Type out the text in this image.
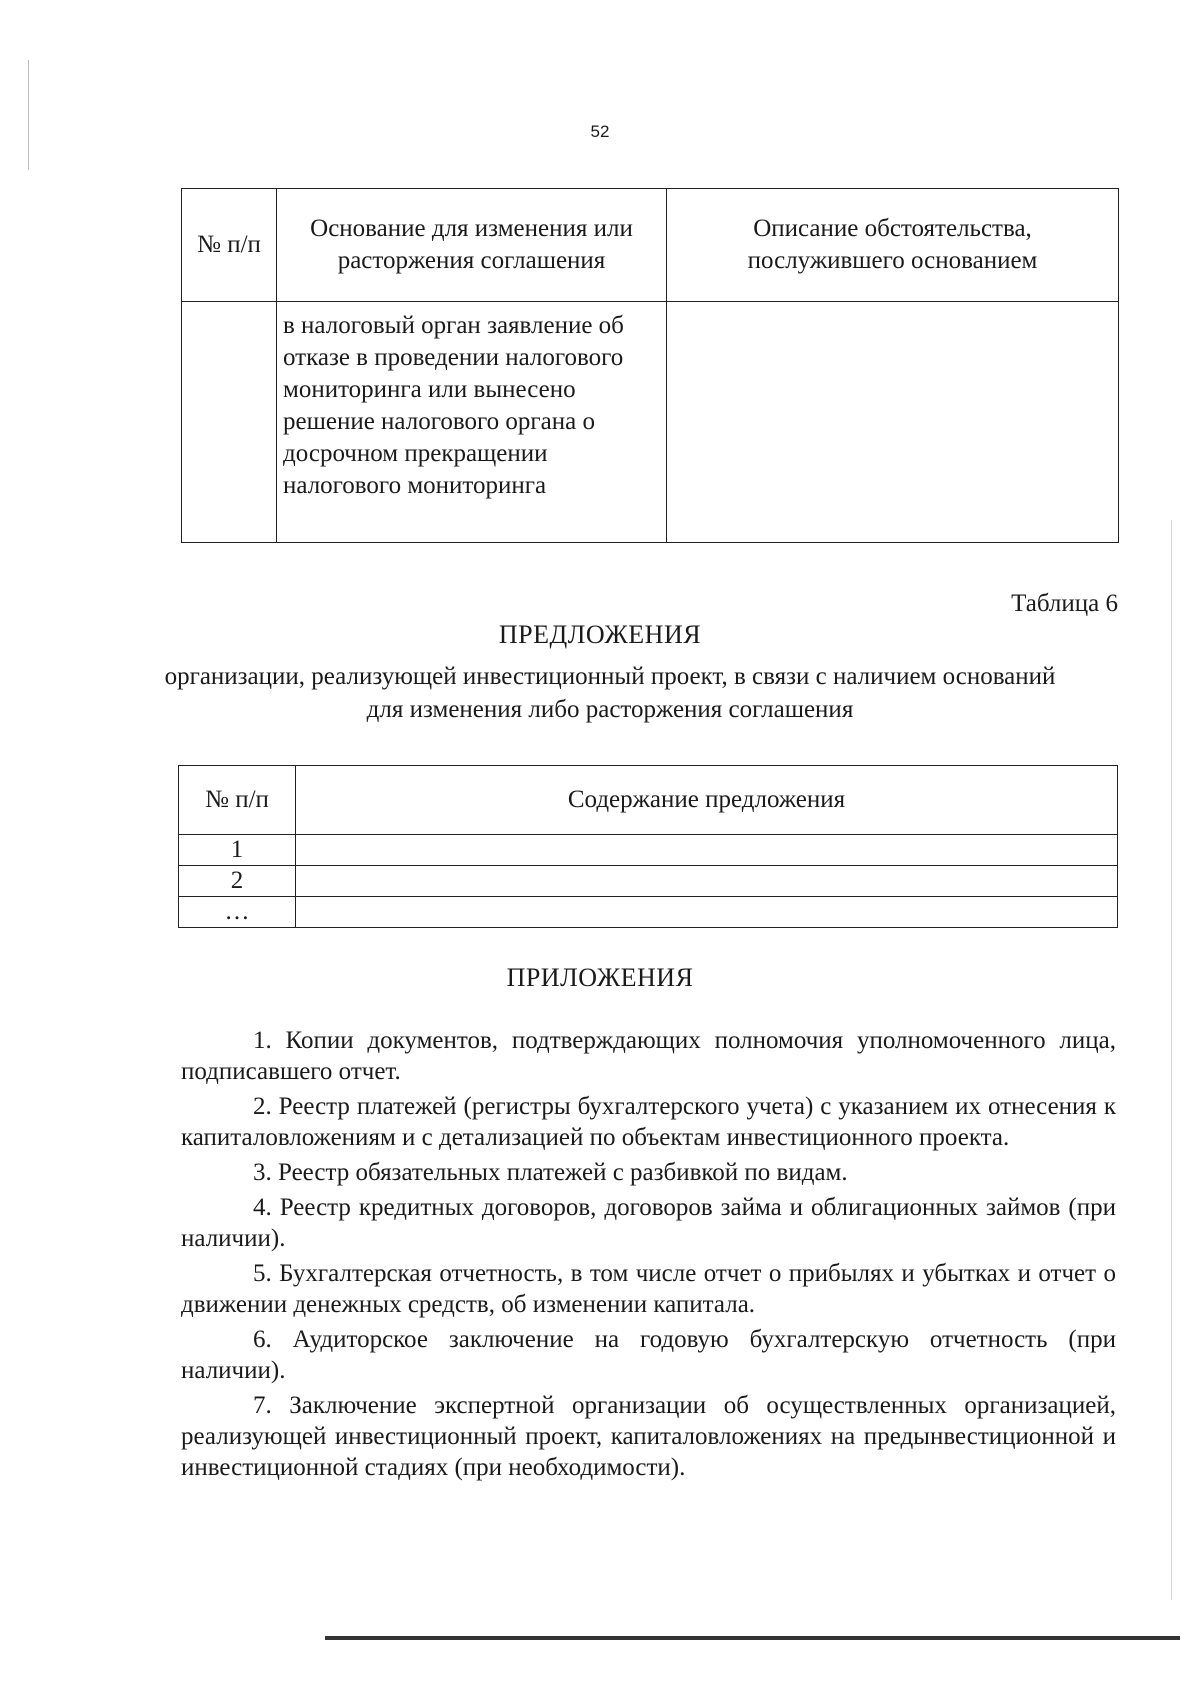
52
№ п/п	Основание для изменения или расторжения соглашения	Описание обстоятельства, послужившего основанием
	в налоговый орган заявление об отказе в проведении налогового мониторинга или вынесено решение налогового органа о досрочном прекращении налогового мониторинга	
Таблица 6
ПРЕДЛОЖЕНИЯ
организации, реализующей инвестиционный проект, в связи с наличием оснований для изменения либо расторжения соглашения
№ п/п	Содержание предложения
1	
2	
…	
ПРИЛОЖЕНИЯ

1. Копии документов, подтверждающих полномочия уполномоченного лица, подписавшего отчет.

2. Реестр платежей (регистры бухгалтерского учета) с указанием их отнесения к капиталовложениям и с детализацией по объектам инвестиционного проекта.

3. Реестр обязательных платежей с разбивкой по видам.

4. Реестр кредитных договоров, договоров займа и облигационных займов (при наличии).

5. Бухгалтерская отчетность, в том числе отчет о прибылях и убытках и отчет о движении денежных средств, об изменении капитала.

6. Аудиторское заключение на годовую бухгалтерскую отчетность (при наличии).

7. Заключение экспертной организации об осуществленных организацией, реализующей инвестиционный проект, капиталовложениях на предынвестиционной и инвестиционной стадиях (при необходимости).
